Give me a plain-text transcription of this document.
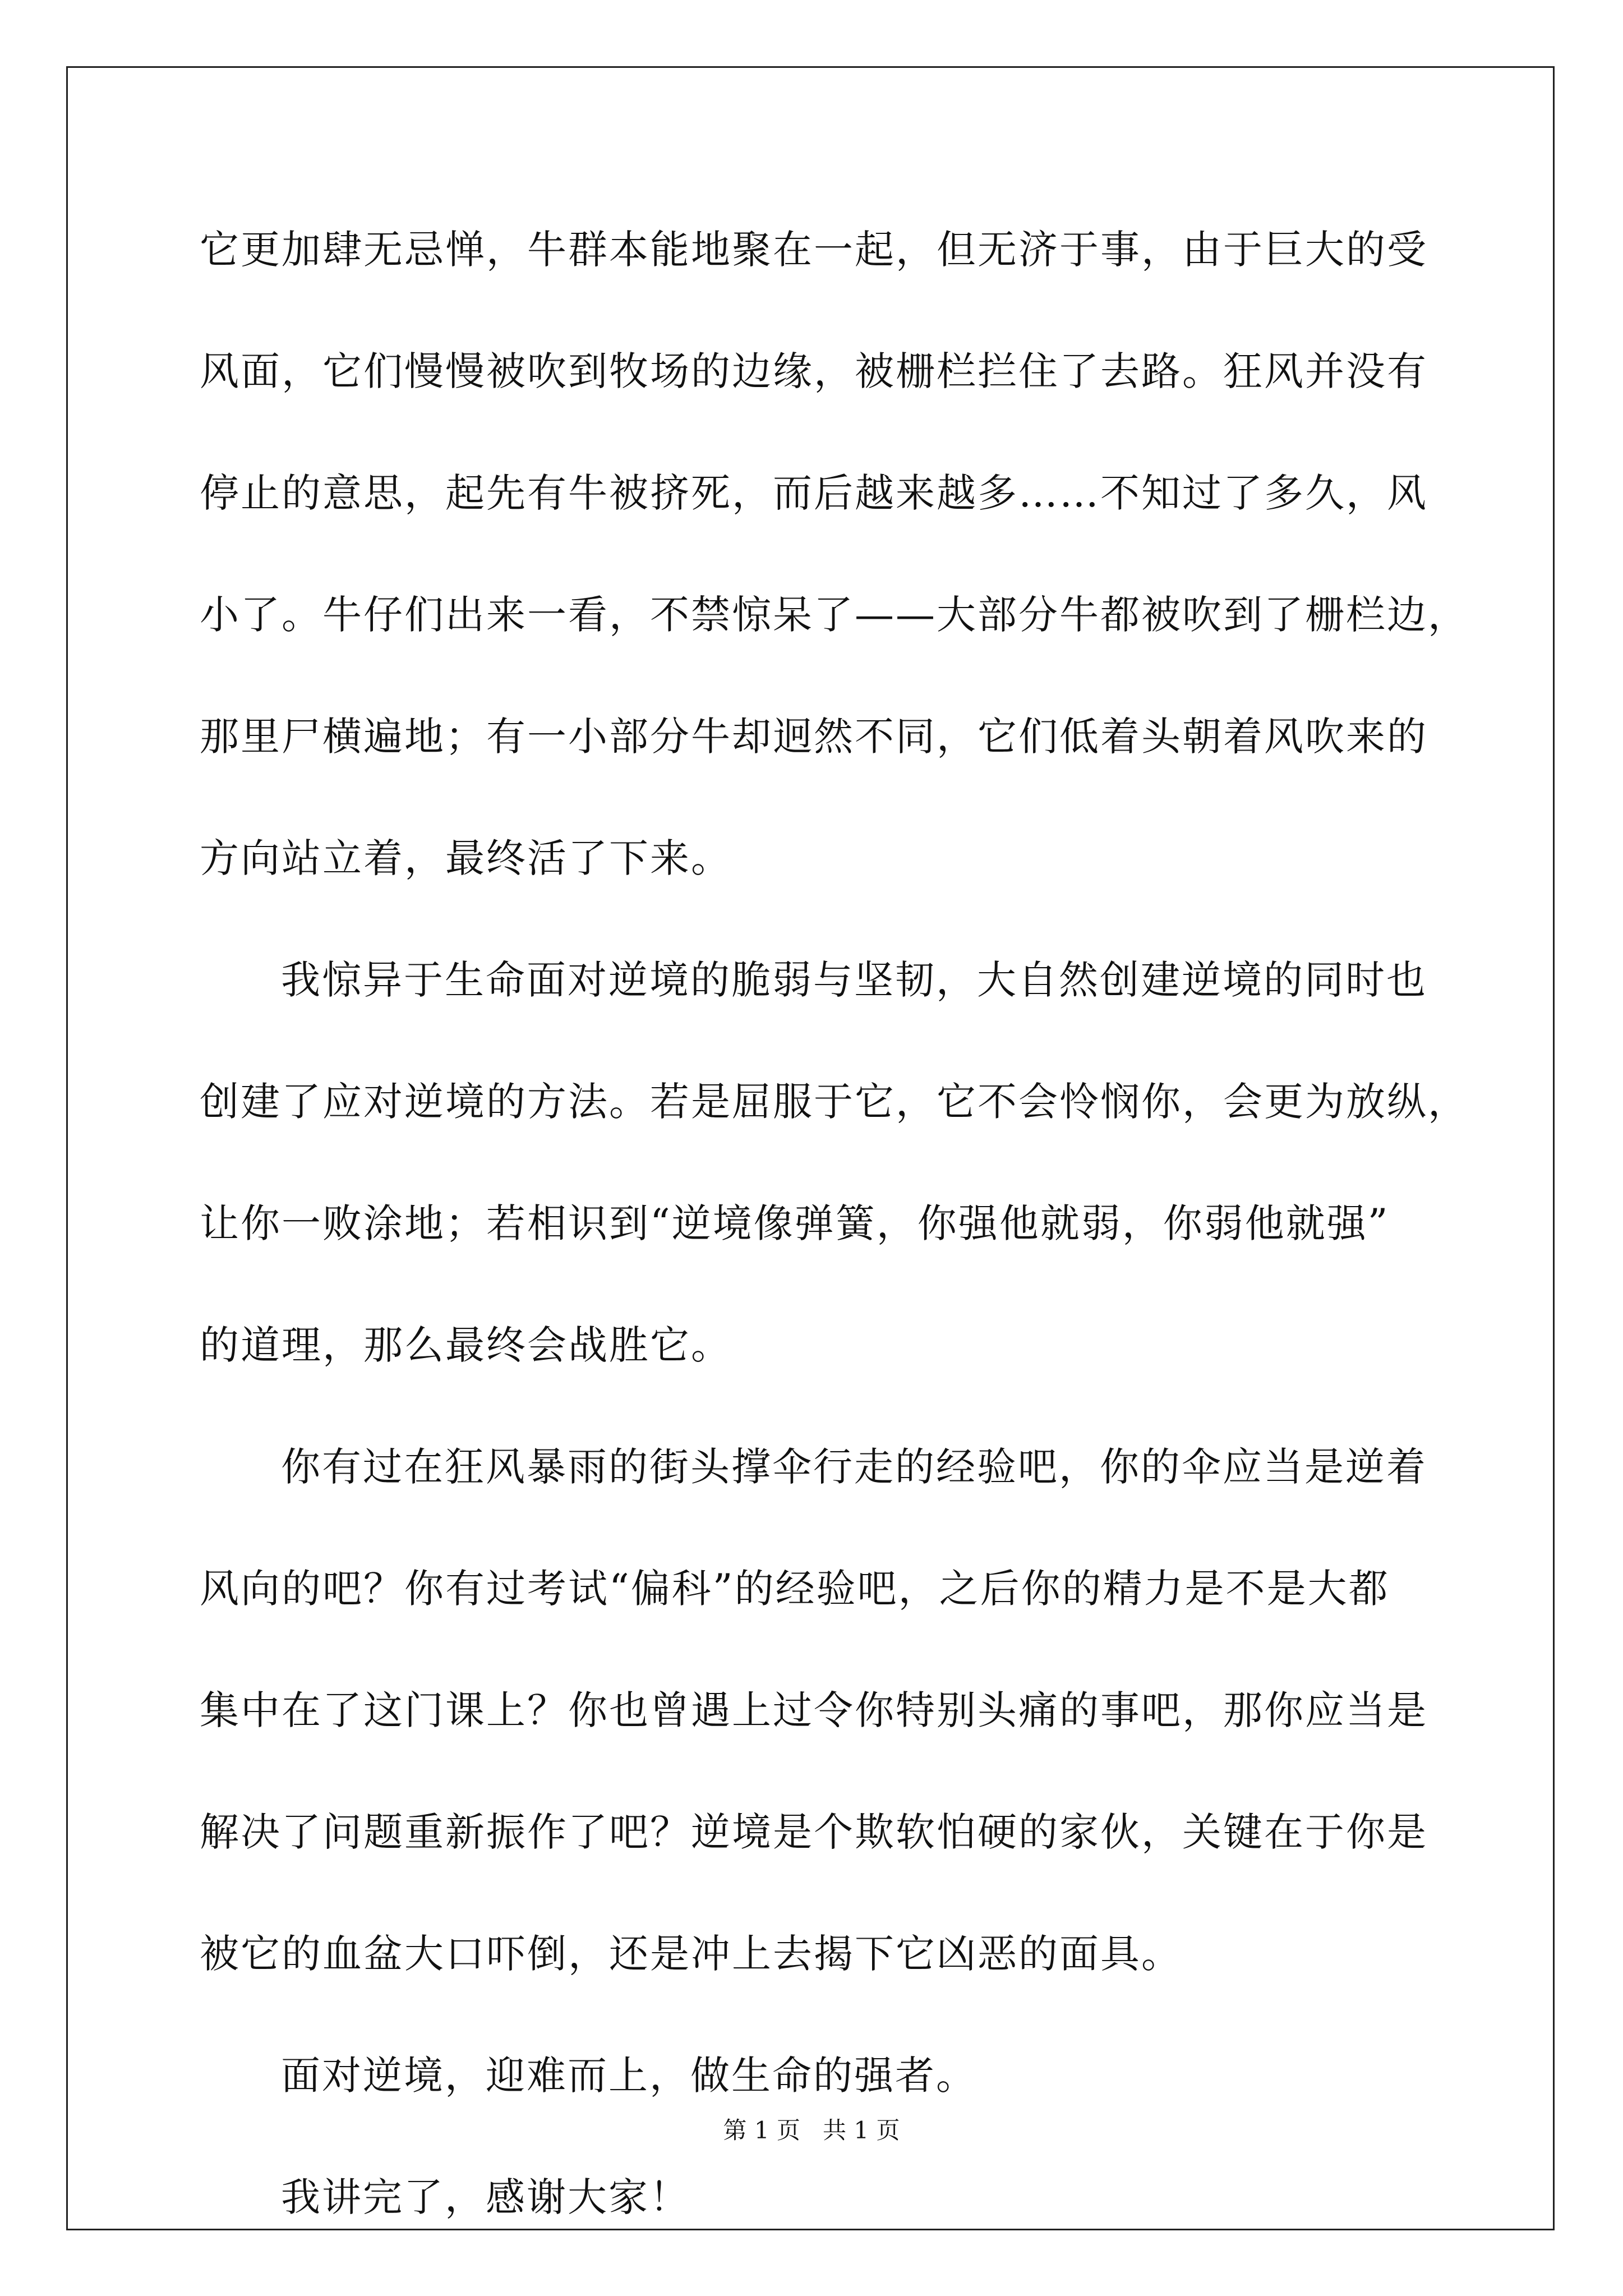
它更加肆无忌惮，牛群本能地聚在一起，但无济于事，由于巨大的受
风面，它们慢慢被吹到牧场的边缘，被栅栏拦住了去路。狂风并没有
停止的意思，起先有牛被挤死，而后越来越多……不知过了多久，风
小了。牛仔们出来一看，不禁惊呆了——大部分牛都被吹到了栅栏边，
那里尸横遍地；有一小部分牛却迥然不同，它们低着头朝着风吹来的
方向站立着，最终活了下来。
我惊异于生命面对逆境的脆弱与坚韧，大自然创建逆境的同时也
创建了应对逆境的方法。若是屈服于它，它不会怜悯你，会更为放纵，
让你一败涂地；若相识到“逆境像弹簧，你强他就弱，你弱他就强”
的道理，那么最终会战胜它。
你有过在狂风暴雨的街头撑伞行走的经验吧，你的伞应当是逆着
风向的吧？你有过考试“偏科”的经验吧，之后你的精力是不是大都
集中在了这门课上？你也曾遇上过令你特别头痛的事吧，那你应当是
解决了问题重新振作了吧？逆境是个欺软怕硬的家伙，关键在于你是
被它的血盆大口吓倒，还是冲上去揭下它凶恶的面具。
面对逆境，迎难而上，做生命的强者。
我讲完了，感谢大家！
第 1 页   共 1 页
